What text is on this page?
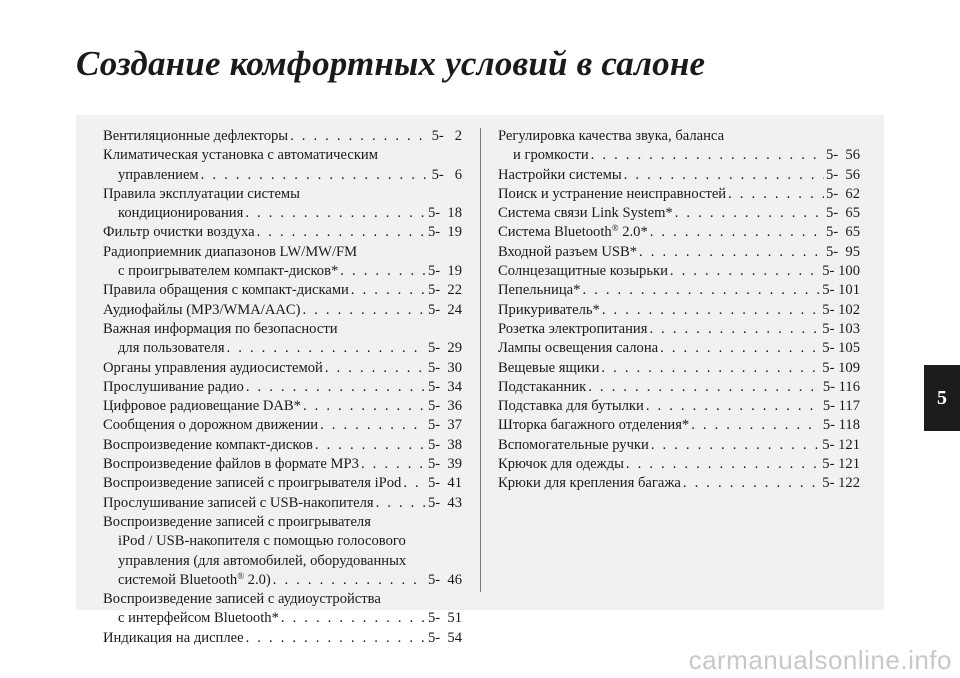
Создание комфортных условий в салоне
Вентиляционные дефлекторы . . .	5-   2
Климатическая установка с автоматическим
управлением . . .	5-   6
Правила эксплуатации системы
кондиционирования . . .	5-  18
Фильтр очистки воздуха . . .	5-  19
Радиоприемник диапазонов LW/MW/FM
с проигрывателем компакт-дисков* . . .	5-  19
Правила обращения с компакт-дисками . . .	5-  22
Аудиофайлы (MP3/WMA/AAC) . . .	5-  24
Важная информация по безопасности
для пользователя . . .	5-  29
Органы управления аудиосистемой . . .	5-  30
Прослушивание радио . . .	5-  34
Цифровое радиовещание DAB* . . .	5-  36
Сообщения о дорожном движении . . .	5-  37
Воспроизведение компакт-дисков . . .	5-  38
Воспроизведение файлов в формате MP3 . . .	5-  39
Воспроизведение записей с проигрывателя iPod . . . 5-  41
Прослушивание записей с USB-накопителя . . .	5-  43
Воспроизведение записей с проигрывателя
iPod / USB-накопителя с помощью голосового
управления (для автомобилей, оборудованных
системой Bluetooth® 2.0) . . .	5-  46
Воспроизведение записей с аудиоустройства
с интерфейсом Bluetooth* . . .	5-  51
Индикация на дисплее . . .	5-  54
Регулировка качества звука, баланса
и громкости . . .	5-  56
Настройки системы . . .	5-  56
Поиск и устранение неисправностей . . .	5-  62
Система связи Link System* . . .	5-  65
Система Bluetooth® 2.0* . . .	5-  65
Входной разъем USB* . . .	5-  95
Солнцезащитные козырьки . . .	5- 100
Пепельница* . . .	5- 101
Прикуриватель* . . .	5- 102
Розетка электропитания . . .	5- 103
Лампы освещения салона . . .	5- 105
Вещевые ящики . . .	5- 109
Подстаканник . . .	5- 116
Подставка для бутылки . . .	5- 117
Шторка багажного отделения* . . .	5- 118
Вспомогательные ручки . . .	5- 121
Крючок для одежды . . .	5- 121
Крюки для крепления багажа . . .	5- 122
5
carmanualsonline.info
